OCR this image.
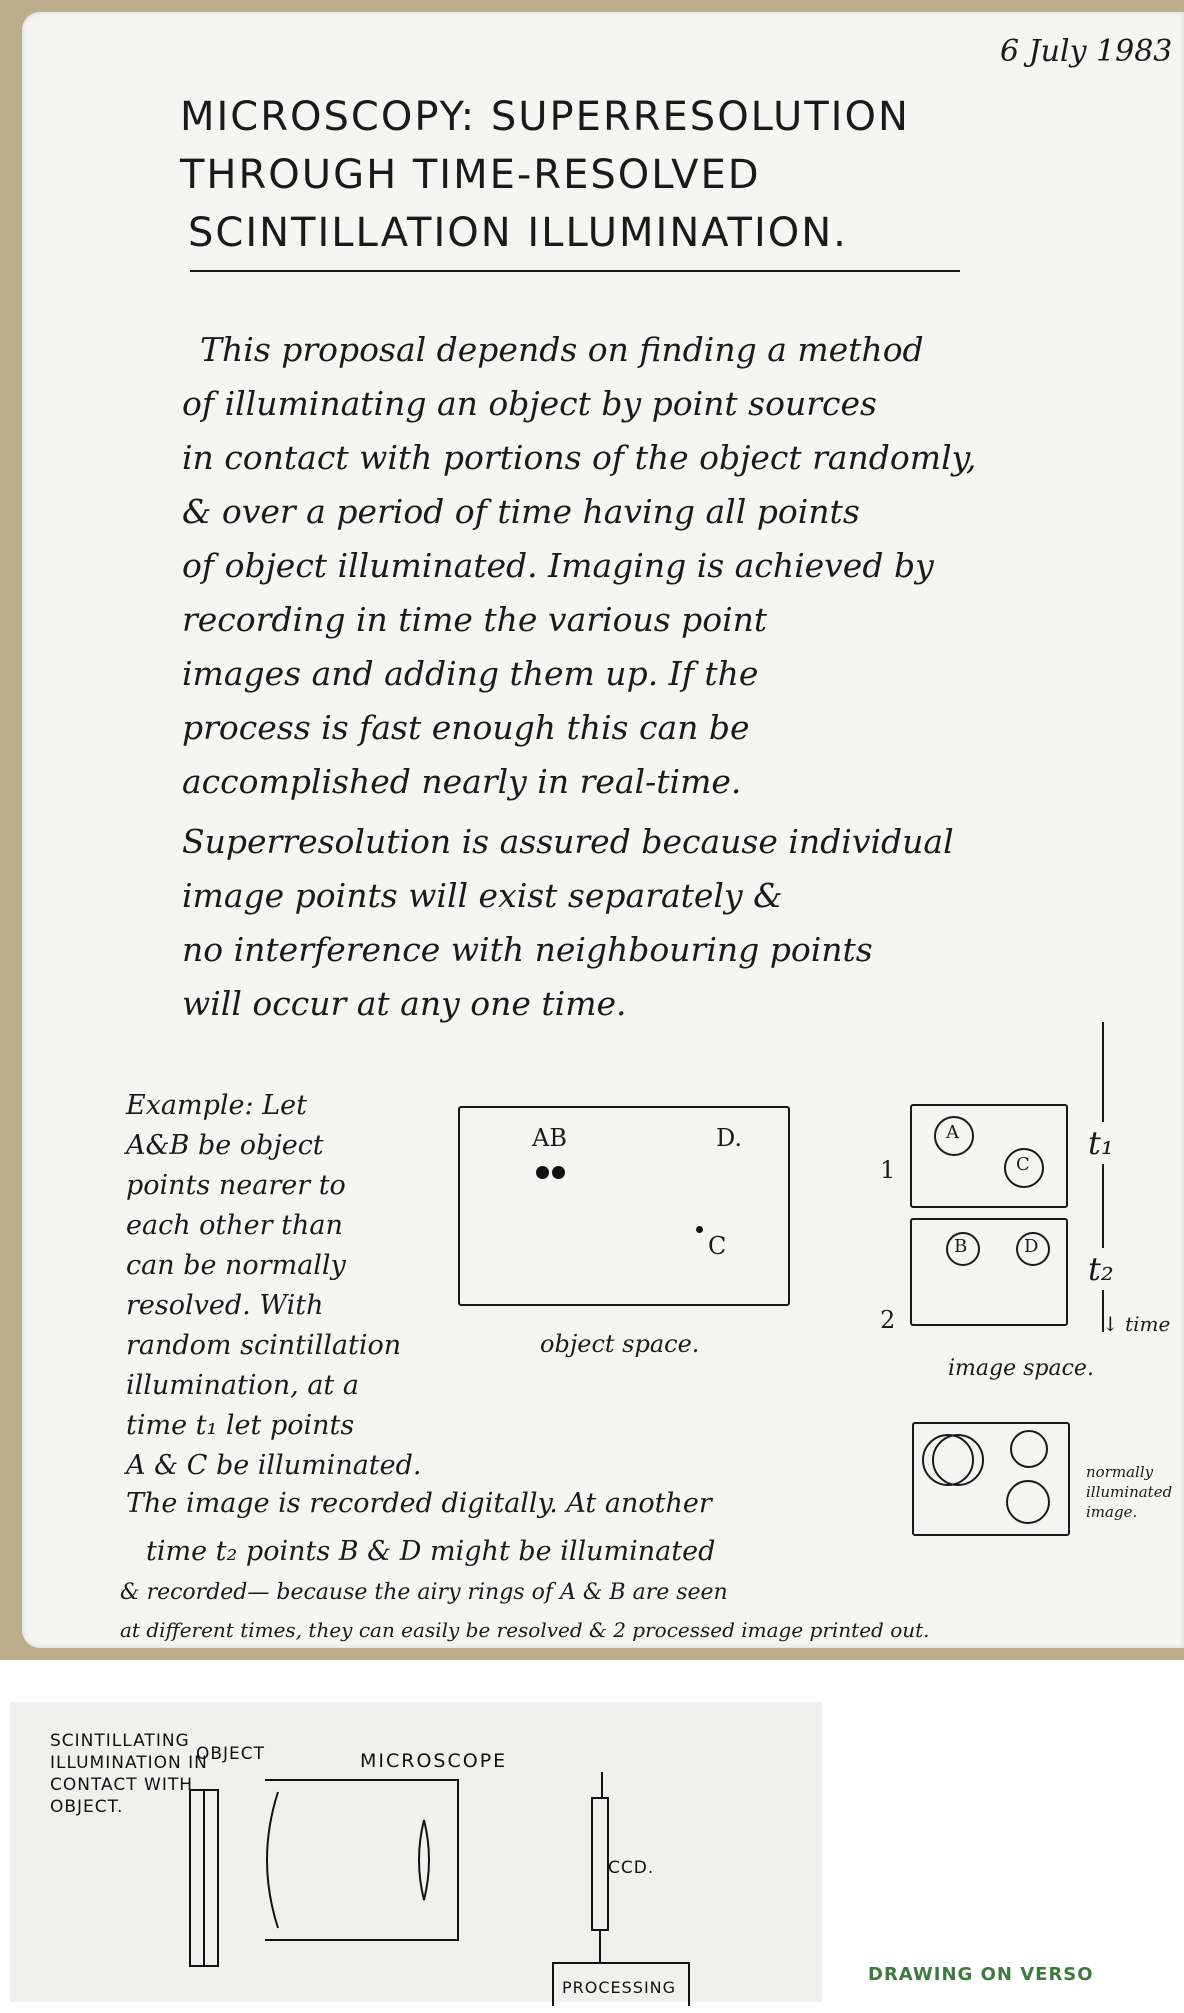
6 July 1983
MICROSCOPY: SUPERRESOLUTION
THROUGH TIME-RESOLVED
SCINTILLATION ILLUMINATION.
This proposal depends on finding a method
of illuminating an object by point sources
in contact with portions of the object randomly,
& over a period of time having all points
of object illuminated. Imaging is achieved by
recording in time the various point
images and adding them up. If the
process is fast enough this can be
accomplished nearly in real-time.
Superresolution is assured because individual
image points will exist separately &
no interference with neighbouring points
will occur at any one time.
Example: Let
A&B be object
points nearer to
each other than
can be normally
resolved. With
random scintillation
illumination, at a
time t₁ let points
A & C be illuminated.
AB	D.
C
object space.
A
C
1
B	D
2
t₁
t₂
↓ time
image space.
normally illuminated image.
The image is recorded digitally. At another
time t₂ points B & D might be illuminated
& recorded— because the airy rings of A & B are seen
at different times, they can easily be resolved & 2 processed image printed out.
SCINTILLATING ILLUMINATION IN CONTACT WITH OBJECT.
OBJECT	MICROSCOPE
CCD.
PROCESSING
DRAWING ON VERSO
